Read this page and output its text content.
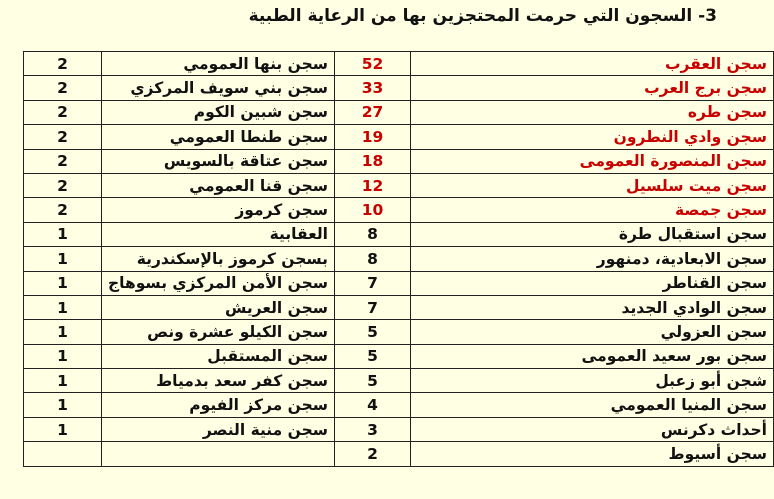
3- السجون التي حرمت المحتجزين بها من الرعاية الطبية
2	سجن بنها العمومي	52	سجن العقرب
2	سجن بني سويف المركزي	33	سجن برج العرب
2	سجن شبين الكوم	27	سجن طره
2	سجن طنطا العمومي	19	سجن وادي النطرون
2	سجن عتاقة بالسويس	18	سجن المنصورة العمومى
2	سجن قنا العمومي	12	سجن ميت سلسيل
2	سجن كرموز	10	سجن جمصة
1	العقابية	8	سجن استقبال طرة
1	بسجن كرموز بالإسكندرية	8	سجن الابعادية، دمنهور
1	سجن الأمن المركزي بسوهاج	7	سجن القناطر
1	سجن العريش	7	سجن الوادي الجديد
1	سجن الكيلو عشرة ونص	5	سجن العزولي
1	سجن المستقبل	5	سجن بور سعيد العمومى
1	سجن كفر سعد بدمياط	5	شجن أبو زعبل
1	سجن مركز الفيوم	4	سجن المنيا العمومي
1	سجن منية النصر	3	أحداث دكرنس
		2	سجن أسيوط
